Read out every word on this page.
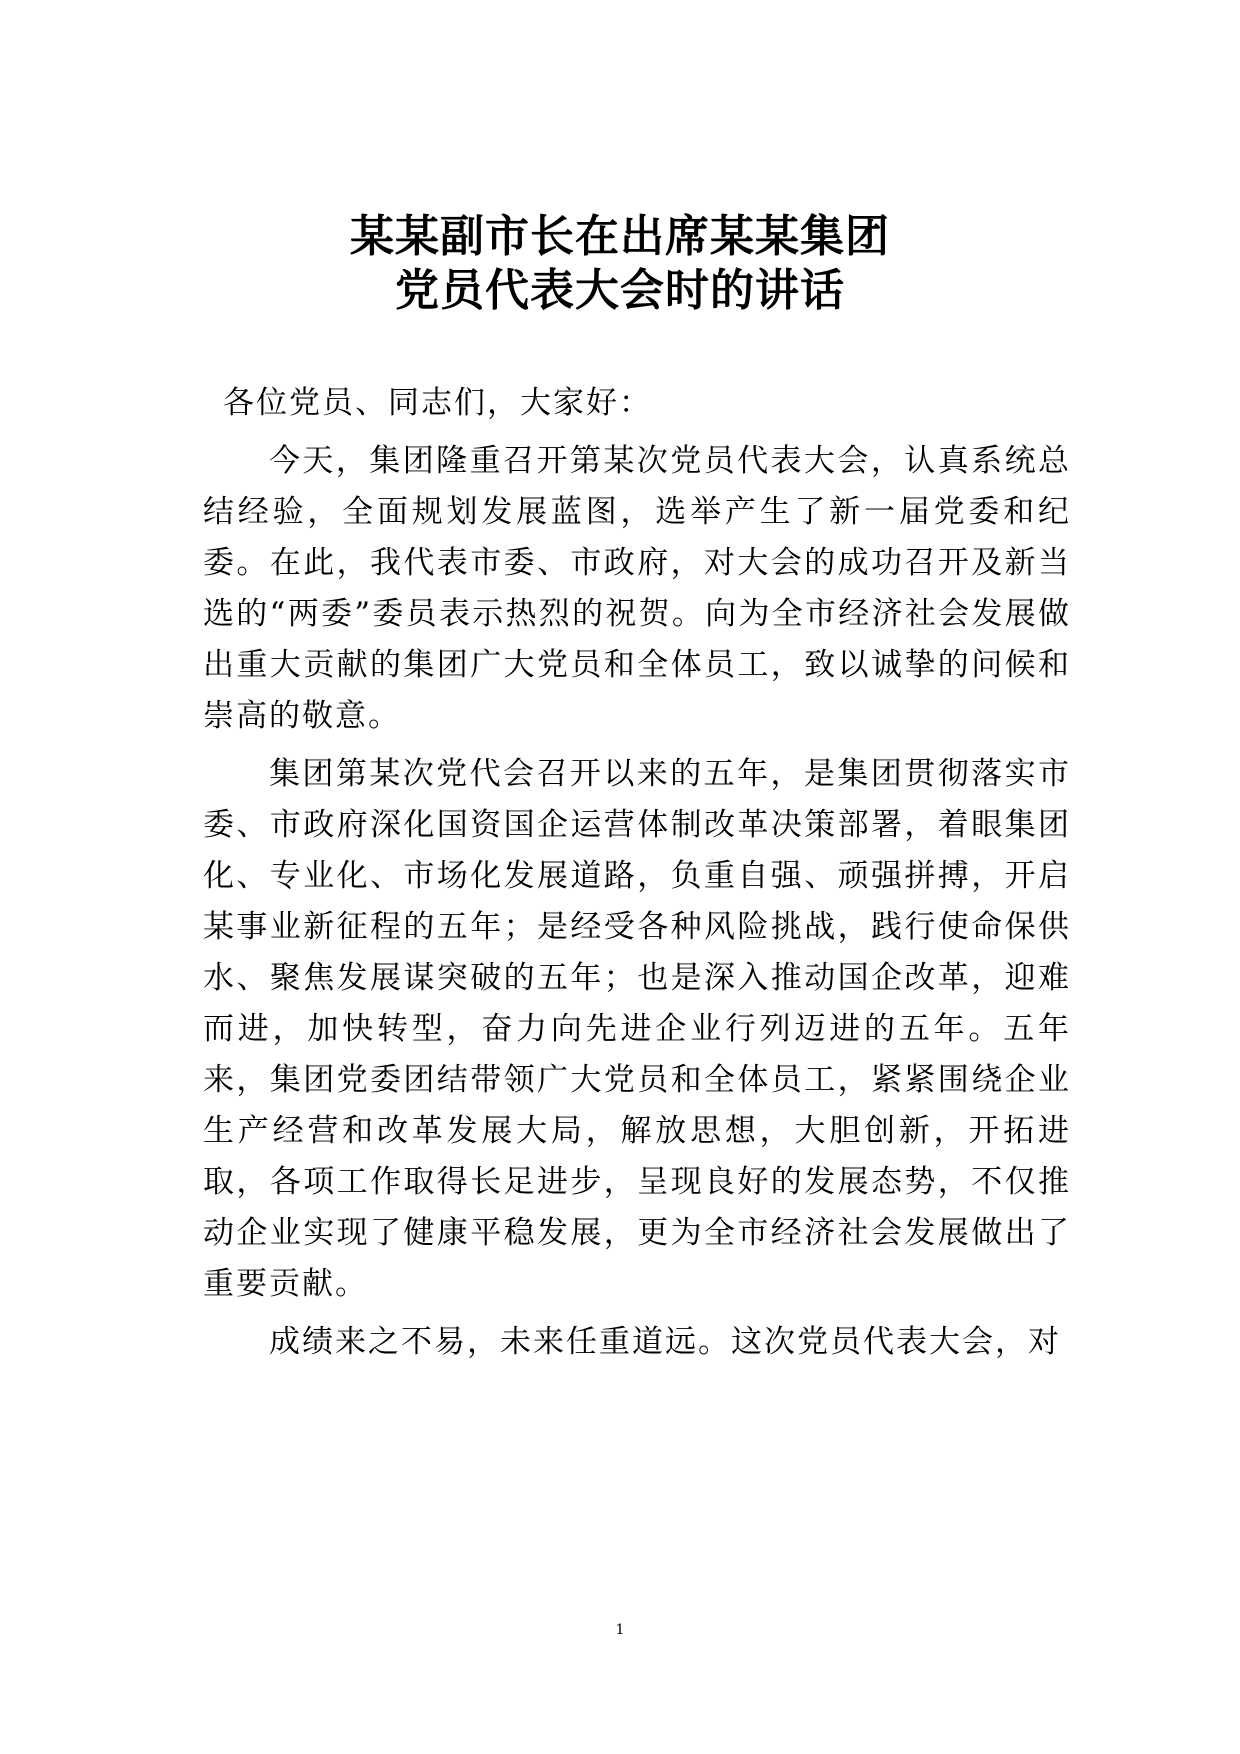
某某副市长在出席某某集团
党员代表大会时的讲话

各位党员、同志们，大家好：

今天，集团隆重召开第某次党员代表大会，认真系统总结经验，全面规划发展蓝图，选举产生了新一届党委和纪委。在此，我代表市委、市政府，对大会的成功召开及新当选的“两委”委员表示热烈的祝贺。向为全市经济社会发展做出重大贡献的集团广大党员和全体员工，致以诚挚的问候和崇高的敬意。

集团第某次党代会召开以来的五年，是集团贯彻落实市委、市政府深化国资国企运营体制改革决策部署，着眼集团化、专业化、市场化发展道路，负重自强、顽强拼搏，开启某事业新征程的五年；是经受各种风险挑战，践行使命保供水、聚焦发展谋突破的五年；也是深入推动国企改革，迎难而进，加快转型，奋力向先进企业行列迈进的五年。五年来，集团党委团结带领广大党员和全体员工，紧紧围绕企业生产经营和改革发展大局，解放思想，大胆创新，开拓进取，各项工作取得长足进步，呈现良好的发展态势，不仅推动企业实现了健康平稳发展，更为全市经济社会发展做出了重要贡献。

成绩来之不易，未来任重道远。这次党员代表大会，对

1
